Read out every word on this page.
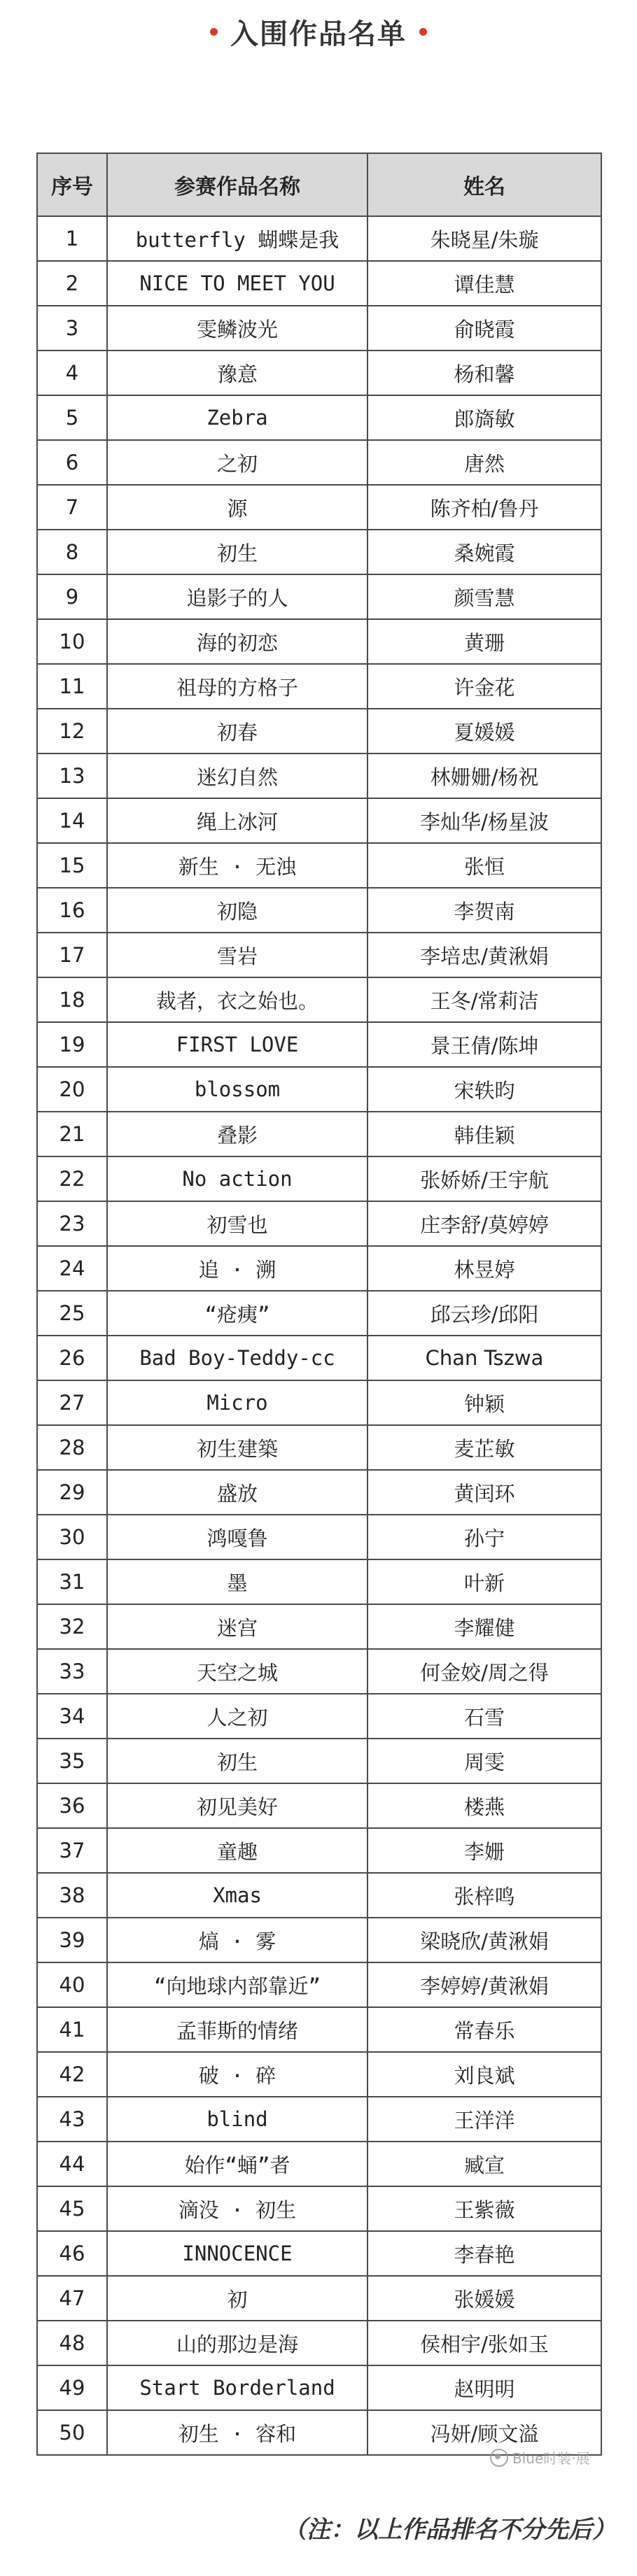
入围作品名单
序号	参赛作品名称	姓名
1	butterfly 蝴蝶是我	朱晓星/朱璇
2	NICE TO MEET YOU	谭佳慧
3	雯鳞波光	俞晓霞
4	豫意	杨和馨
5	Zebra	郎旖敏
6	之初	唐然
7	源	陈齐柏/鲁丹
8	初生	桑婉霞
9	追影子的人	颜雪慧
10	海的初恋	黄珊
11	祖母的方格子	许金花
12	初春	夏媛媛
13	迷幻自然	林姗姗/杨祝
14	绳上冰河	李灿华/杨星波
15	新生 · 无浊	张恒
16	初隐	李贺南
17	雪岩	李培忠/黄湫娟
18	裁者，衣之始也。	王冬/常莉洁
19	FIRST LOVE	景王倩/陈坤
20	blossom	宋轶昀
21	叠影	韩佳颖
22	No action	张娇娇/王宇航
23	初雪也	庄李舒/莫婷婷
24	追 · 溯	林昱婷
25	“疮痍”	邱云珍/邱阳
26	Bad Boy-Teddy-cc	Chan Tszwa
27	Micro	钟颖
28	初生建築	麦芷敏
29	盛放	黄闰环
30	鸿嘎鲁	孙宁
31	墨	叶新
32	迷宫	李耀健
33	天空之城	何金姣/周之得
34	人之初	石雪
35	初生	周雯
36	初见美好	楼燕
37	童趣	李姗
38	Xmas	张梓鸣
39	熇 · 雾	梁晓欣/黄湫娟
40	“向地球内部靠近”	李婷婷/黄湫娟
41	孟菲斯的情绪	常春乐
42	破 · 碎	刘良斌
43	blind	王洋洋
44	始作“蛹”者	臧宣
45	滴没 · 初生	王紫薇
46	INNOCENCE	李春艳
47	初	张媛媛
48	山的那边是海	侯相宇/张如玉
49	Start Borderland	赵明明
50	初生 · 容和	冯妍/顾文溢
Blue时装·展
（注：以上作品排名不分先后）
